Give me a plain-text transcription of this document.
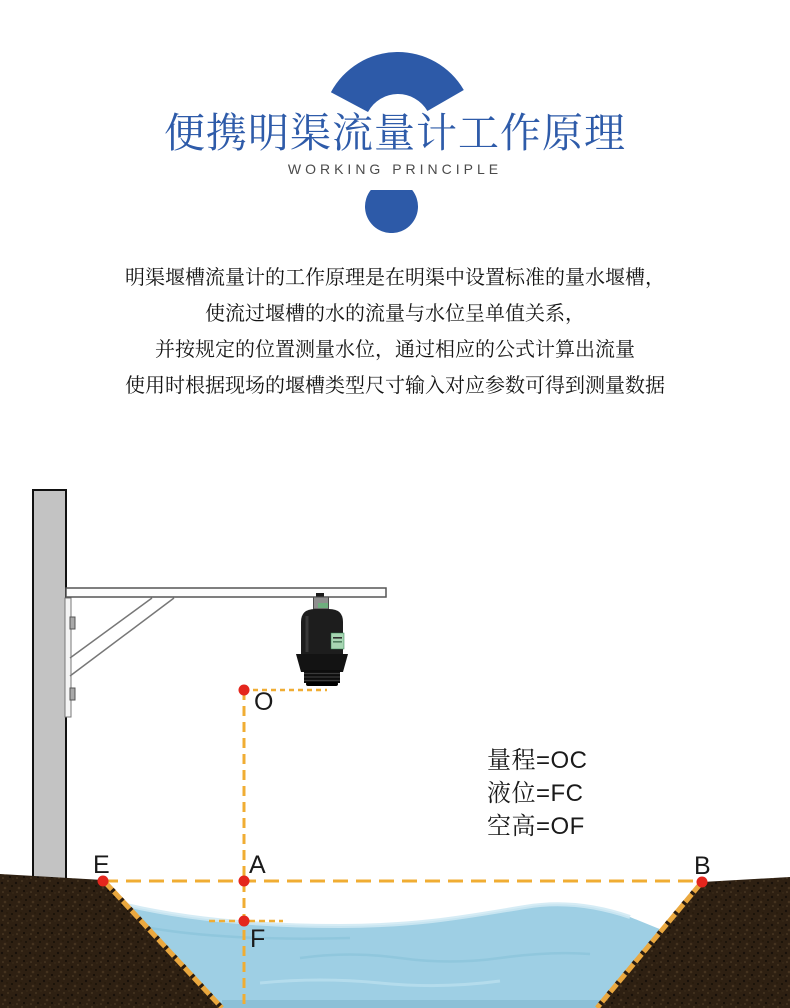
便携明渠流量计工作原理
WORKING PRINCIPLE
明渠堰槽流量计的工作原理是在明渠中设置标准的量水堰槽，
使流过堰槽的水的流量与水位呈单值关系，
并按规定的位置测量水位，通过相应的公式计算出流量
使用时根据现场的堰槽类型尺寸输入对应参数可得到测量数据
O
A
E	B
F
量程=OC
液位=FC
空高=OF
